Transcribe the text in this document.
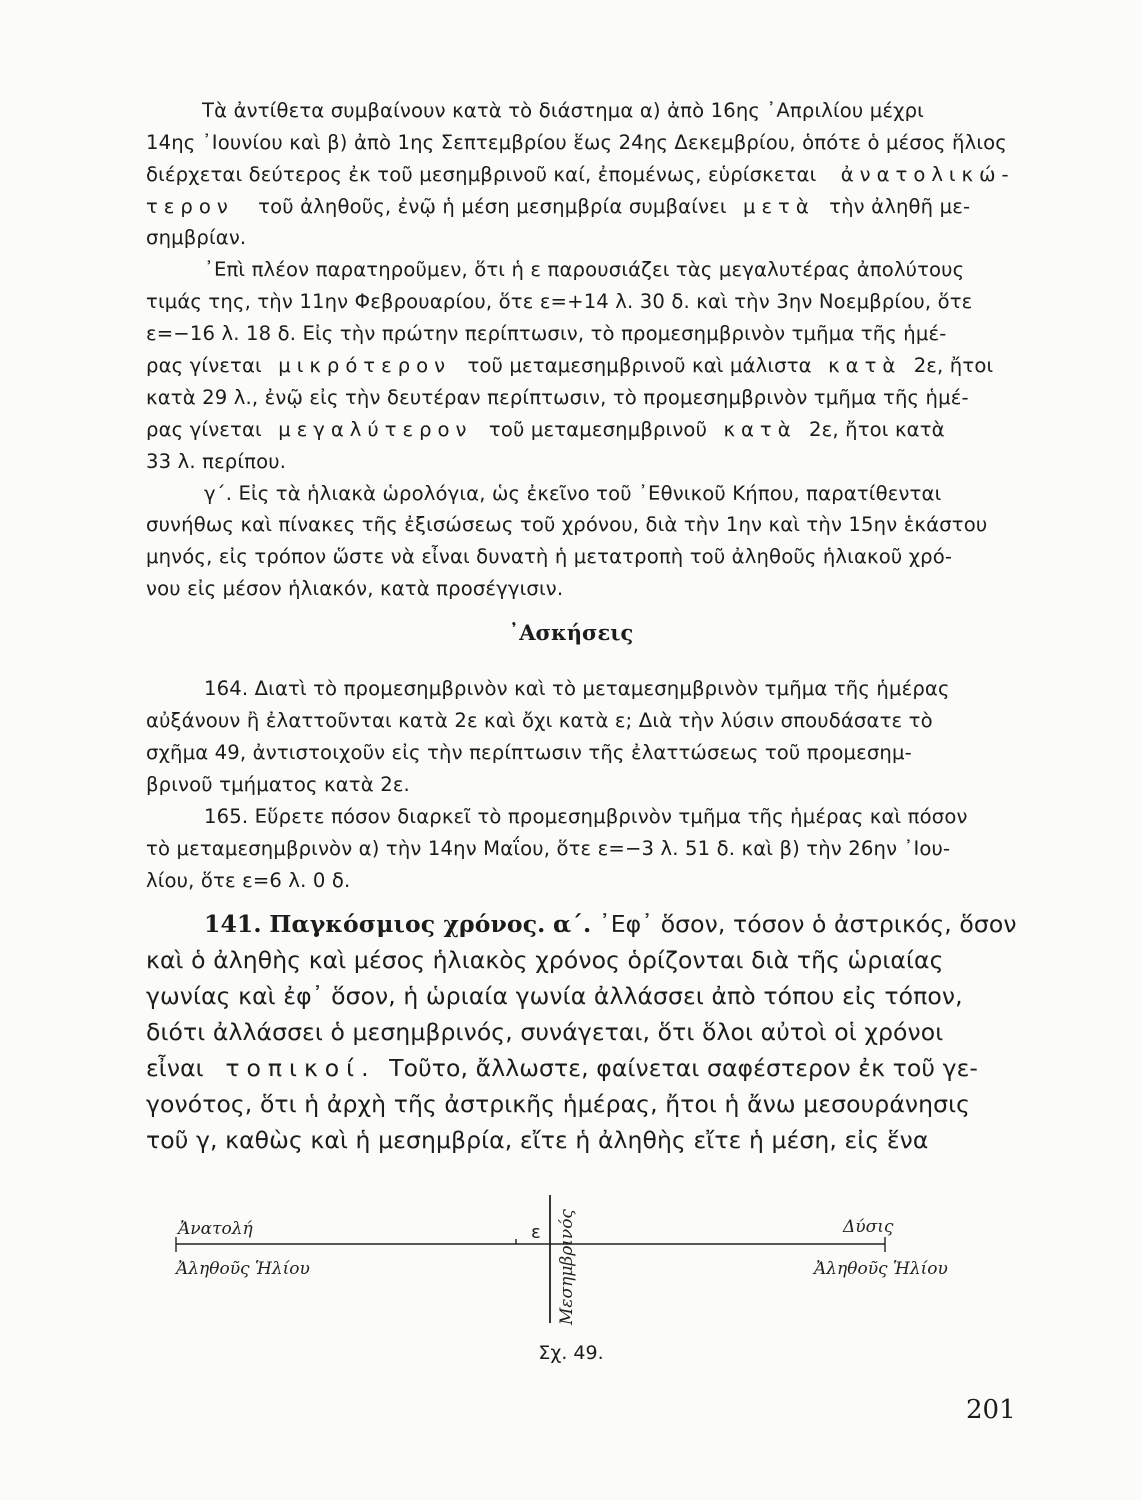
Τὰ ἀντίθετα συμβαίνουν κατὰ τὸ διάστημα α) ἀπὸ 16ης ᾿Απριλίου μέχρι
14ης ᾿Ιουνίου καὶ β) ἀπὸ 1ης Σεπτεμβρίου ἕως 24ης Δεκεμβρίου, ὁπότε ὁ μέσος ἥλιος
διέρχεται δεύτερος ἐκ τοῦ μεσημβρινοῦ καί, ἐπομένως, εὑρίσκεται ἀνατολικώ-
τερον τοῦ ἀληθοῦς, ἐνῷ ἡ μέση μεσημβρία συμβαίνει μετὰ τὴν ἀληθῆ με-
σημβρίαν.
᾿Επὶ πλέον παρατηροῦμεν, ὅτι ἡ ε παρουσιάζει τὰς μεγαλυτέρας ἀπολύτους
τιμάς της, τὴν 11ην Φεβρουαρίου, ὅτε ε=+14 λ. 30 δ. καὶ τὴν 3ην Νοεμβρίου, ὅτε
ε=−16 λ. 18 δ. Εἰς τὴν πρώτην περίπτωσιν, τὸ προμεσημβρινὸν τμῆμα τῆς ἡμέ-
ρας γίνεται μικρότερον τοῦ μεταμεσημβρινοῦ καὶ μάλιστα κατὰ 2ε, ἤτοι
κατὰ 29 λ., ἐνῷ εἰς τὴν δευτέραν περίπτωσιν, τὸ προμεσημβρινὸν τμῆμα τῆς ἡμέ-
ρας γίνεται μεγαλύτερον τοῦ μεταμεσημβρινοῦ κατὰ 2ε, ἤτοι κατὰ
33 λ. περίπου.
γ΄. Εἰς τὰ ἡλιακὰ ὡρολόγια, ὡς ἐκεῖνο τοῦ ᾿Εθνικοῦ Κήπου, παρατίθενται
συνήθως καὶ πίνακες τῆς ἐξισώσεως τοῦ χρόνου, διὰ τὴν 1ην καὶ τὴν 15ην ἑκάστου
μηνός, εἰς τρόπον ὥστε νὰ εἶναι δυνατὴ ἡ μετατροπὴ τοῦ ἀληθοῦς ἡλιακοῦ χρό-
νου εἰς μέσον ἡλιακόν, κατὰ προσέγγισιν.
᾿Ασκήσεις
164. Διατὶ τὸ προμεσημβρινὸν καὶ τὸ μεταμεσημβρινὸν τμῆμα τῆς ἡμέρας
αὐξάνουν ἢ ἐλαττοῦνται κατὰ 2ε καὶ ὄχι κατὰ ε; Διὰ τὴν λύσιν σπουδάσατε τὸ
σχῆμα 49, ἀντιστοιχοῦν εἰς τὴν περίπτωσιν τῆς ἐλαττώσεως τοῦ προμεσημ-
βρινοῦ τμήματος κατὰ 2ε.
165. Εὕρετε πόσον διαρκεῖ τὸ προμεσημβρινὸν τμῆμα τῆς ἡμέρας καὶ πόσον
τὸ μεταμεσημβρινὸν α) τὴν 14ην Μαΐου, ὅτε ε=−3 λ. 51 δ. καὶ β) τὴν 26ην ᾿Ιου-
λίου, ὅτε ε=6 λ. 0 δ.
141. Παγκόσμιος χρόνος. α΄. ᾿Εφ᾿ ὅσον, τόσον ὁ ἀστρικός, ὅσον
καὶ ὁ ἀληθὴς καὶ μέσος ἡλιακὸς χρόνος ὁρίζονται διὰ τῆς ὡριαίας
γωνίας καὶ ἐφ᾿ ὅσον, ἡ ὡριαία γωνία ἀλλάσσει ἀπὸ τόπου εἰς τόπον,
διότι ἀλλάσσει ὁ μεσημβρινός, συνάγεται, ὅτι ὅλοι αὐτοὶ οἱ χρόνοι
εἶναι τοπικοί. Τοῦτο, ἄλλωστε, φαίνεται σαφέστερον ἐκ τοῦ γε-
γονότος, ὅτι ἡ ἀρχὴ τῆς ἀστρικῆς ἡμέρας, ἤτοι ἡ ἄνω μεσουράνησις
τοῦ γ, καθὼς καὶ ἡ μεσημβρία, εἴτε ἡ ἀληθὴς εἴτε ἡ μέση, εἰς ἕνα
Ἀνατολή
Ἀληθοῦς Ἡλίου
ε Μεσημβρινός	Δύσις
Ἀληθοῦς Ἡλίου
Σχ. 49.
201
